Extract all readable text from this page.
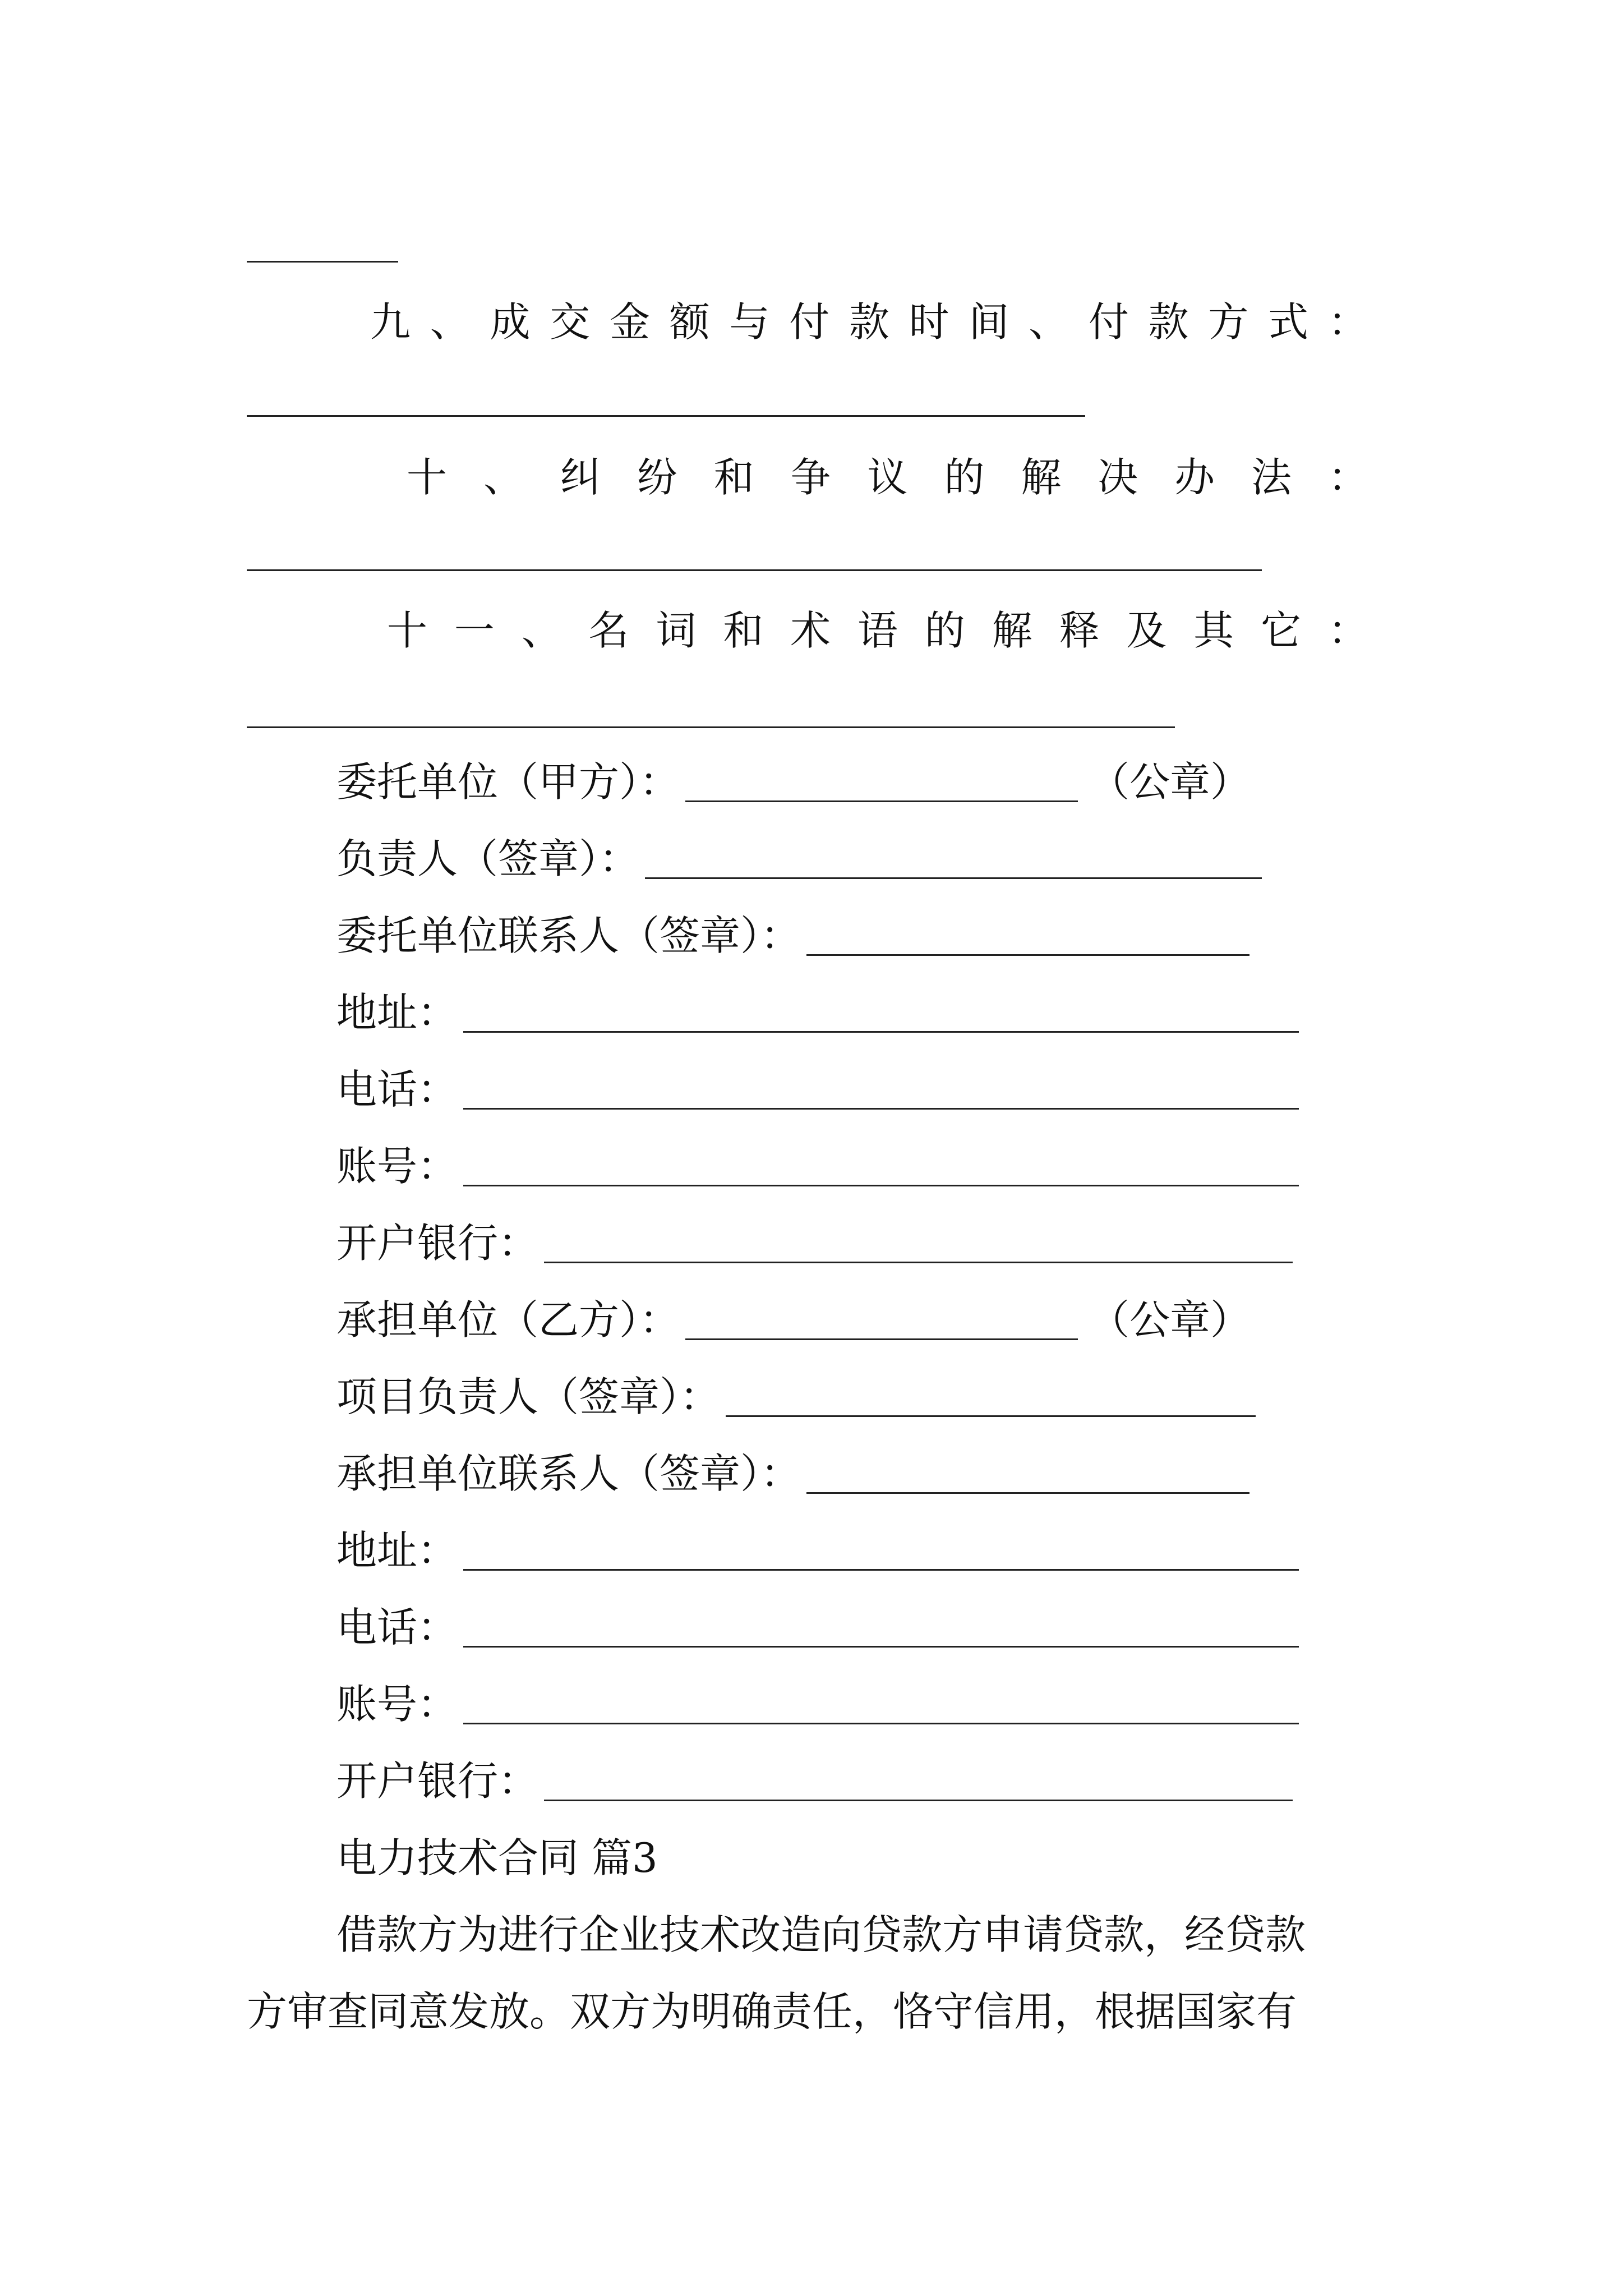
九 、 成 交 金 额 与 付 款 时 间 、 付 款 方 式 ：
十 、 纠 纷 和 争 议 的 解 决 办 法 ：
十 一 、 名 词 和 术 语 的 解 释 及 其 它 ：
委托单位（甲方）：	（公章）
负责人（签章）：
委托单位联系人（签章）：
地址：
电话：
账号：
开户银行：
承担单位（乙方）：	（公章）
项目负责人（签章）：
承担单位联系人（签章）：
地址：
电话：
账号：
开户银行：
电力技术合同 篇3
借款方为进行企业技术改造向贷款方申请贷款，经贷款
方审查同意发放。双方为明确责任，恪守信用，根据国家有
